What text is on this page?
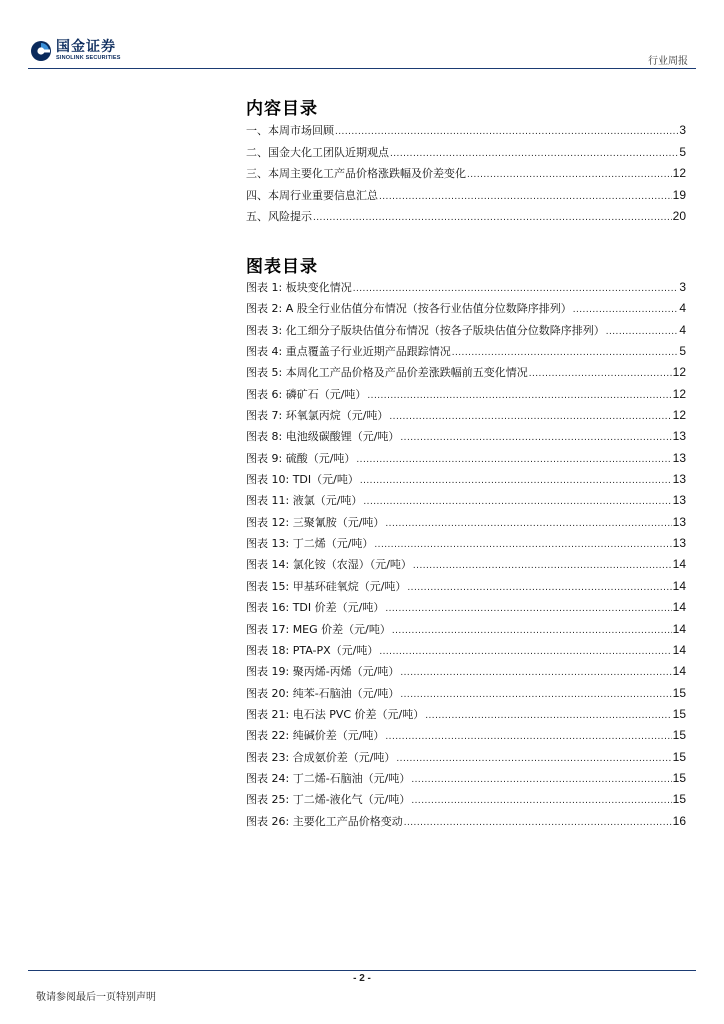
国金证券
SINOLINK SECURITIES	行业周报
内容目录
一、本周市场回顾 .....	3
二、国金大化工团队近期观点 .....	5
三、本周主要化工产品价格涨跌幅及价差变化 .....	12
四、本周行业重要信息汇总 .....	19
五、风险提示 .....	20
图表目录
图表 1: 板块变化情况 .....	3
图表 2: A 股全行业估值分布情况（按各行业估值分位数降序排列） .....	4
图表 3: 化工细分子版块估值分布情况（按各子版块估值分位数降序排列） .....	4
图表 4: 重点覆盖子行业近期产品跟踪情况 .....	5
图表 5: 本周化工产品价格及产品价差涨跌幅前五变化情况 .....	12
图表 6: 磷矿石（元/吨） .....	12
图表 7: 环氧氯丙烷（元/吨） .....	12
图表 8: 电池级碳酸锂（元/吨） .....	13
图表 9: 硫酸（元/吨） .....	13
图表 10: TDI（元/吨） .....	13
图表 11: 液氯（元/吨） .....	13
图表 12: 三聚氰胺（元/吨） .....	13
图表 13: 丁二烯（元/吨） .....	13
图表 14: 氯化铵（农湿）（元/吨） .....	14
图表 15: 甲基环硅氧烷（元/吨） .....	14
图表 16: TDI 价差（元/吨） .....	14
图表 17: MEG 价差（元/吨） .....	14
图表 18: PTA-PX（元/吨） .....	14
图表 19: 聚丙烯-丙烯（元/吨） .....	14
图表 20: 纯苯-石脑油（元/吨） .....	15
图表 21: 电石法 PVC 价差（元/吨） .....	15
图表 22: 纯碱价差（元/吨） .....	15
图表 23: 合成氨价差（元/吨） .....	15
图表 24: 丁二烯-石脑油（元/吨） .....	15
图表 25: 丁二烯-液化气（元/吨） .....	15
图表 26: 主要化工产品价格变动 .....	16
- 2 -
敬请参阅最后一页特别声明
